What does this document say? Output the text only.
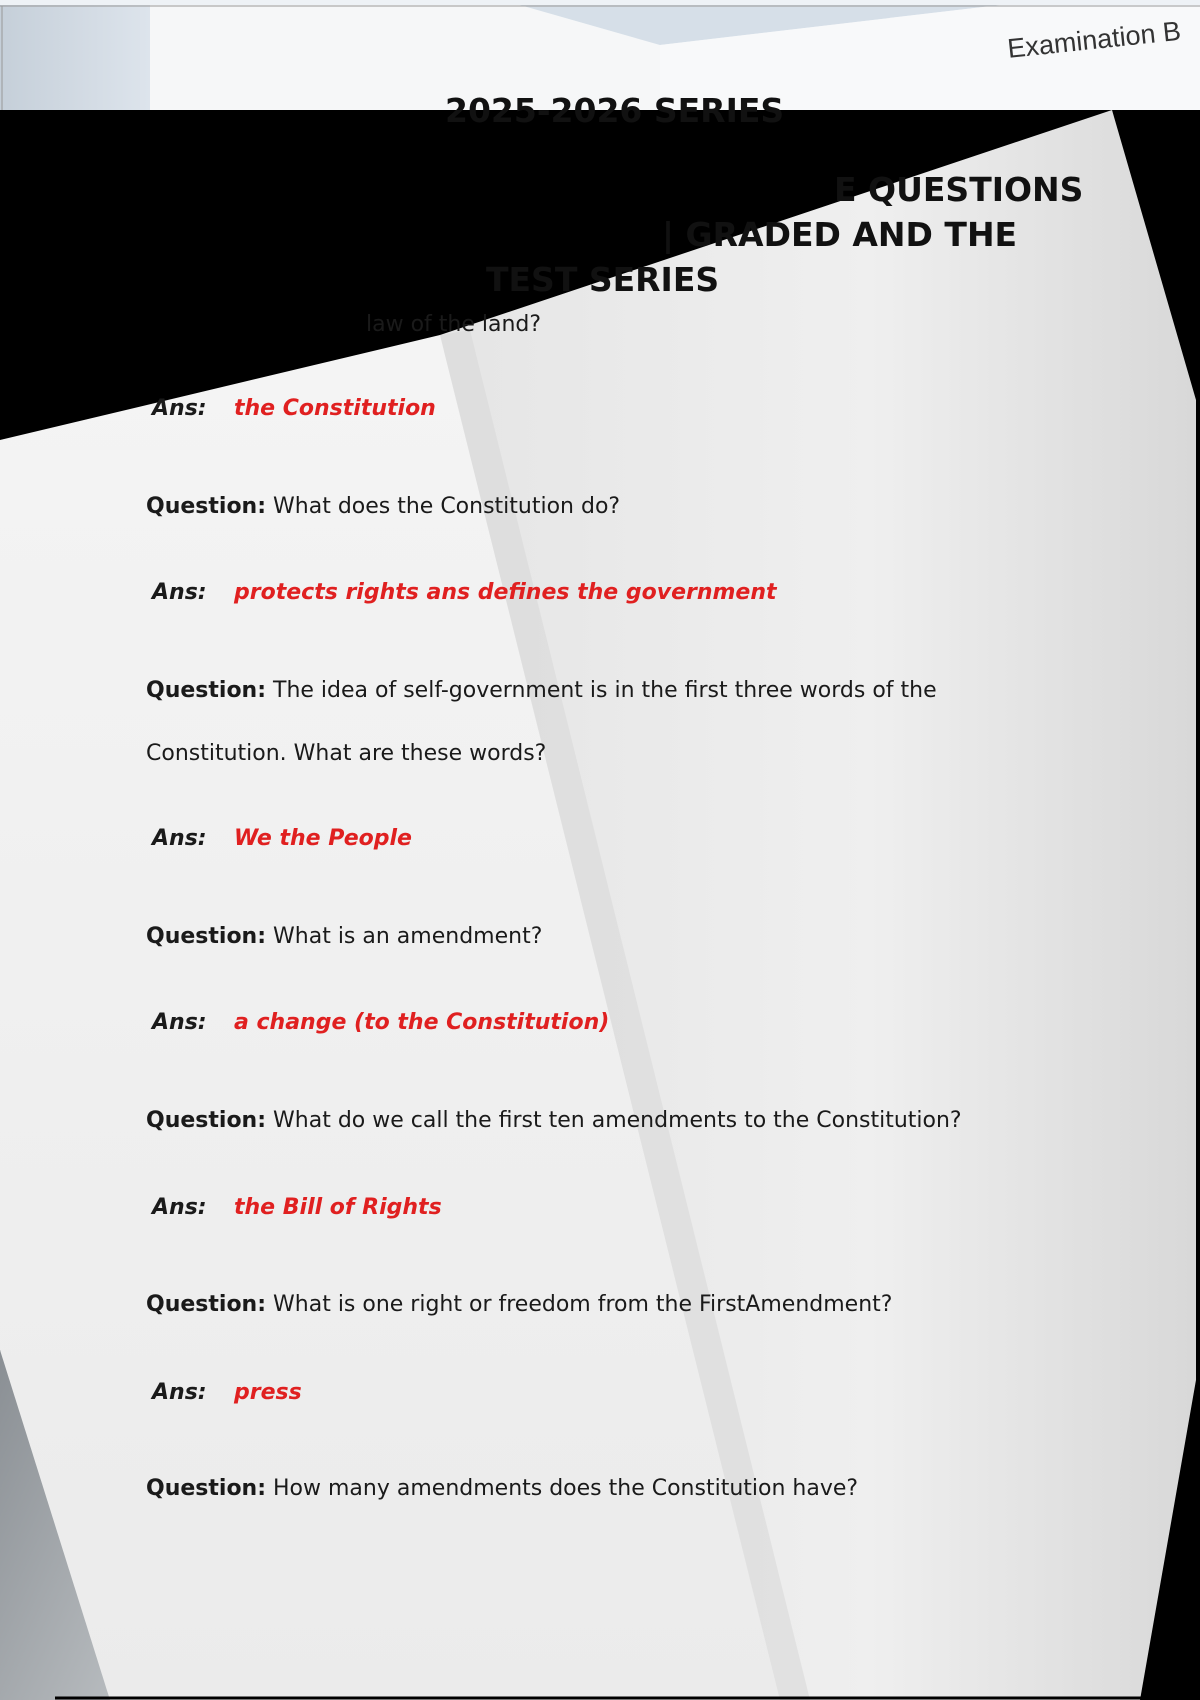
Examination B
2025-2026 SERIES
E QUESTIONS
| GRADED AND THE
TEST SERIES
law of the land?
Ans: the Constitution
Question: What does the Constitution do?
Ans: protects rights ans defines the government
Question: The idea of self-government is in the first three words of the
Constitution. What are these words?
Ans: We the People
Question: What is an amendment?
Ans: a change (to the Constitution)
Question: What do we call the first ten amendments to the Constitution?
Ans: the Bill of Rights
Question: What is one right or freedom from the FirstAmendment?
Ans: press
Question: How many amendments does the Constitution have?
